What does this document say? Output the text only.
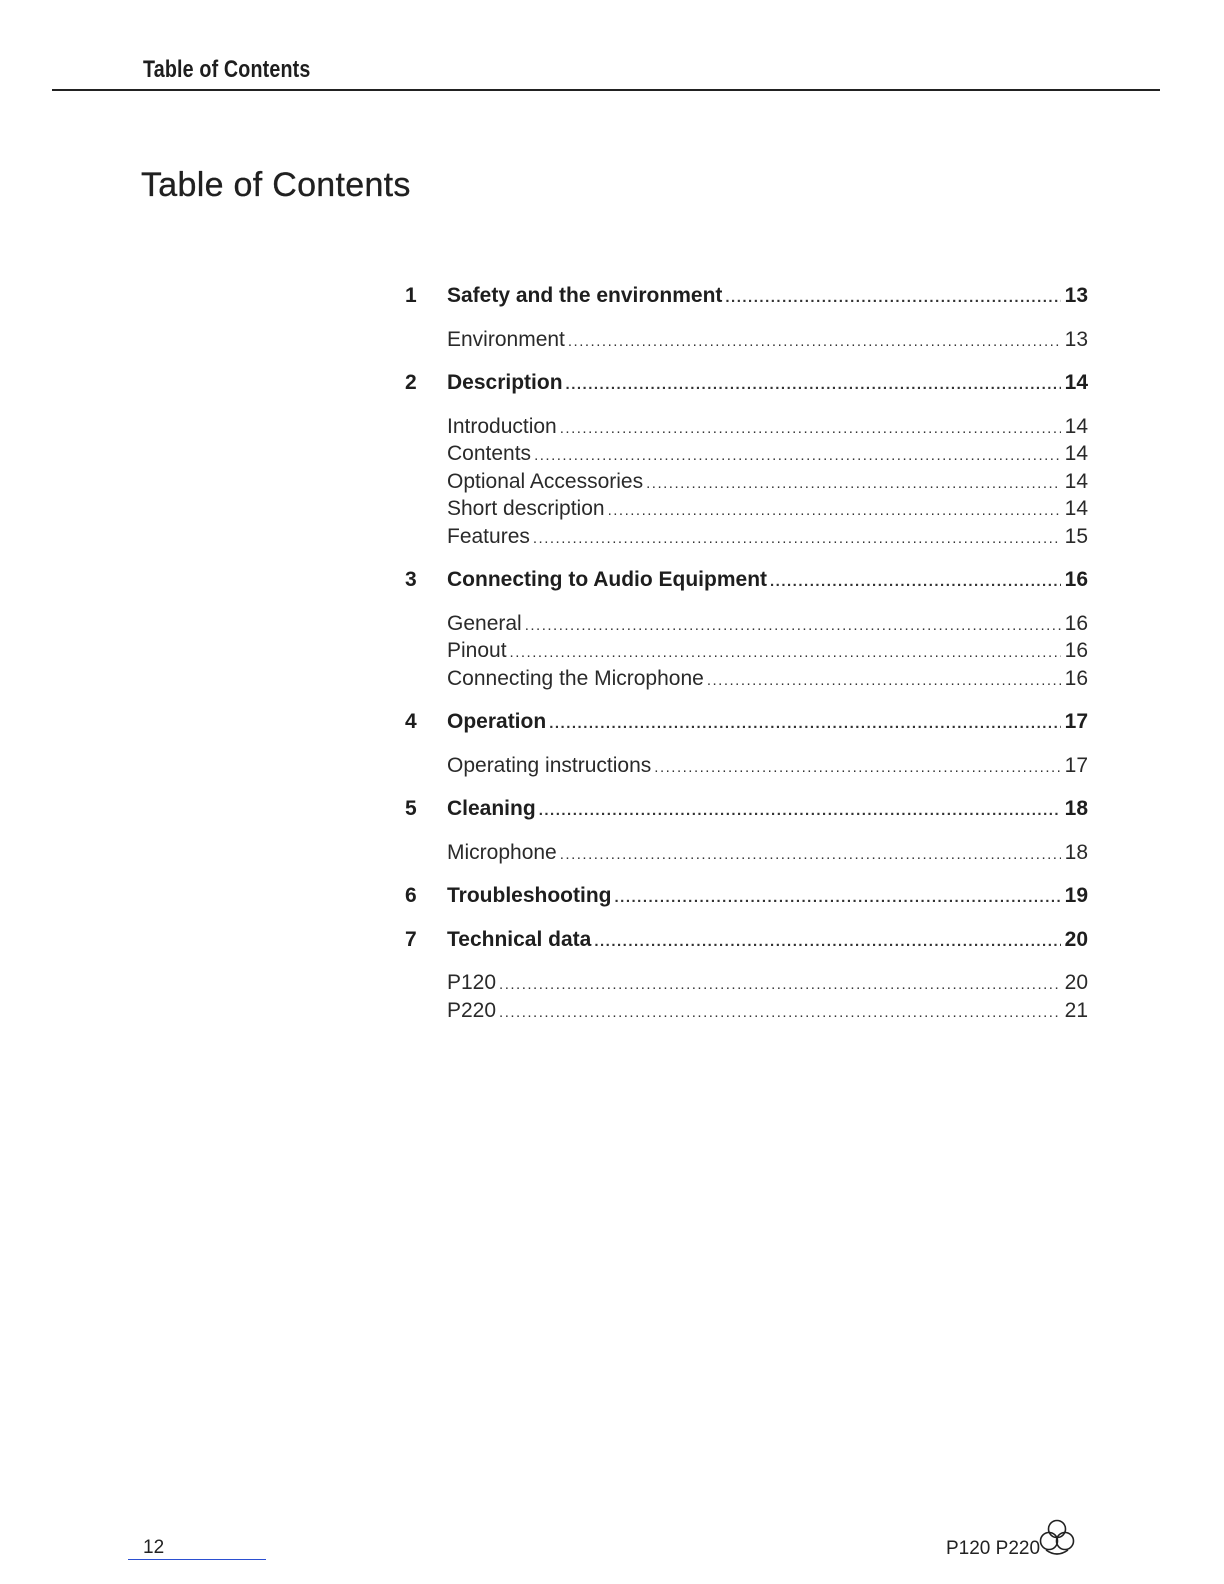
Table of Contents
Table of Contents
1	Safety and the environment .....	13
Environment .....	13
2	Description .....	14
Introduction .....	14
Contents .....	14
Optional Accessories .....	14
Short description .....	14
Features .....	15
3	Connecting to Audio Equipment .....	16
General .....	16
Pinout .....	16
Connecting the Microphone .....	16
4	Operation .....	17
Operating instructions .....	17
5	Cleaning .....	18
Microphone .....	18
6	Troubleshooting .....	19
7	Technical data .....	20
P120 .....	20
P220 .....	21
12	P120 P220
